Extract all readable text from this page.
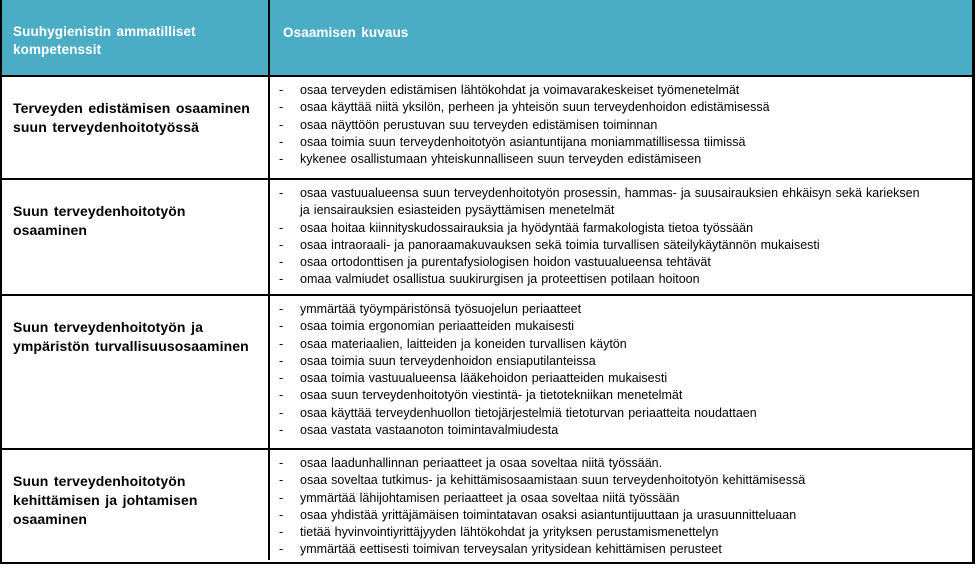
Suuhygienistin ammatilliset kompetenssit
Osaamisen kuvaus
Terveyden edistämisen osaaminen suun terveydenhoitotyössä
-	osaa terveyden edistämisen lähtökohdat ja voimavarakeskeiset työmenetelmät
-	osaa käyttää niitä yksilön, perheen ja yhteisön suun terveydenhoidon edistämisessä
-	osaa näyttöön perustuvan suu terveyden edistämisen toiminnan
-	osaa toimia suun terveydenhoitotyön asiantuntijana moniammatillisessa tiimissä
-	kykenee osallistumaan yhteiskunnalliseen suun terveyden edistämiseen
Suun terveydenhoitotyön osaaminen
-	osaa vastuualueensa suun terveydenhoitotyön prosessin, hammas- ja suusairauksien ehkäisyn sekä karieksen ja iensairauksien esiasteiden pysäyttämisen menetelmät
-	osaa hoitaa kiinnityskudossairauksia ja hyödyntää farmakologista tietoa työssään
-	osaa intraoraali- ja panoraamakuvauksen sekä toimia turvallisen säteilykäytännön mukaisesti
-	osaa ortodonttisen ja purentafysiologisen hoidon vastuualueensa tehtävät
-	omaa valmiudet osallistua suukirurgisen ja proteettisen potilaan hoitoon
Suun terveydenhoitotyön ja ympäristön turvallisuusosaaminen
-	ymmärtää työympäristönsä työsuojelun periaatteet
-	osaa toimia ergonomian periaatteiden mukaisesti
-	osaa materiaalien, laitteiden ja koneiden turvallisen käytön
-	osaa toimia suun terveydenhoidon ensiaputilanteissa
-	osaa toimia vastuualueensa lääkehoidon periaatteiden mukaisesti
-	osaa suun terveydenhoitotyön viestintä- ja tietotekniikan menetelmät
-	osaa käyttää terveydenhuollon tietojärjestelmiä tietoturvan periaatteita noudattaen
-	osaa vastata vastaanoton toimintavalmiudesta
Suun terveydenhoitotyön kehittämisen ja johtamisen osaaminen
-	osaa laadunhallinnan periaatteet ja osaa soveltaa niitä työssään.
-	osaa soveltaa tutkimus- ja kehittämisosaamistaan suun terveydenhoitotyön kehittämisessä
-	ymmärtää lähijohtamisen periaatteet ja osaa soveltaa niitä työssään
-	osaa yhdistää yrittäjämäisen toimintatavan osaksi asiantuntijuuttaan ja urasuunnitteluaan
-	tietää hyvinvointiyrittäjyyden lähtökohdat ja yrityksen perustamismenettelyn
-	ymmärtää eettisesti toimivan terveysalan yritysidean kehittämisen perusteet
